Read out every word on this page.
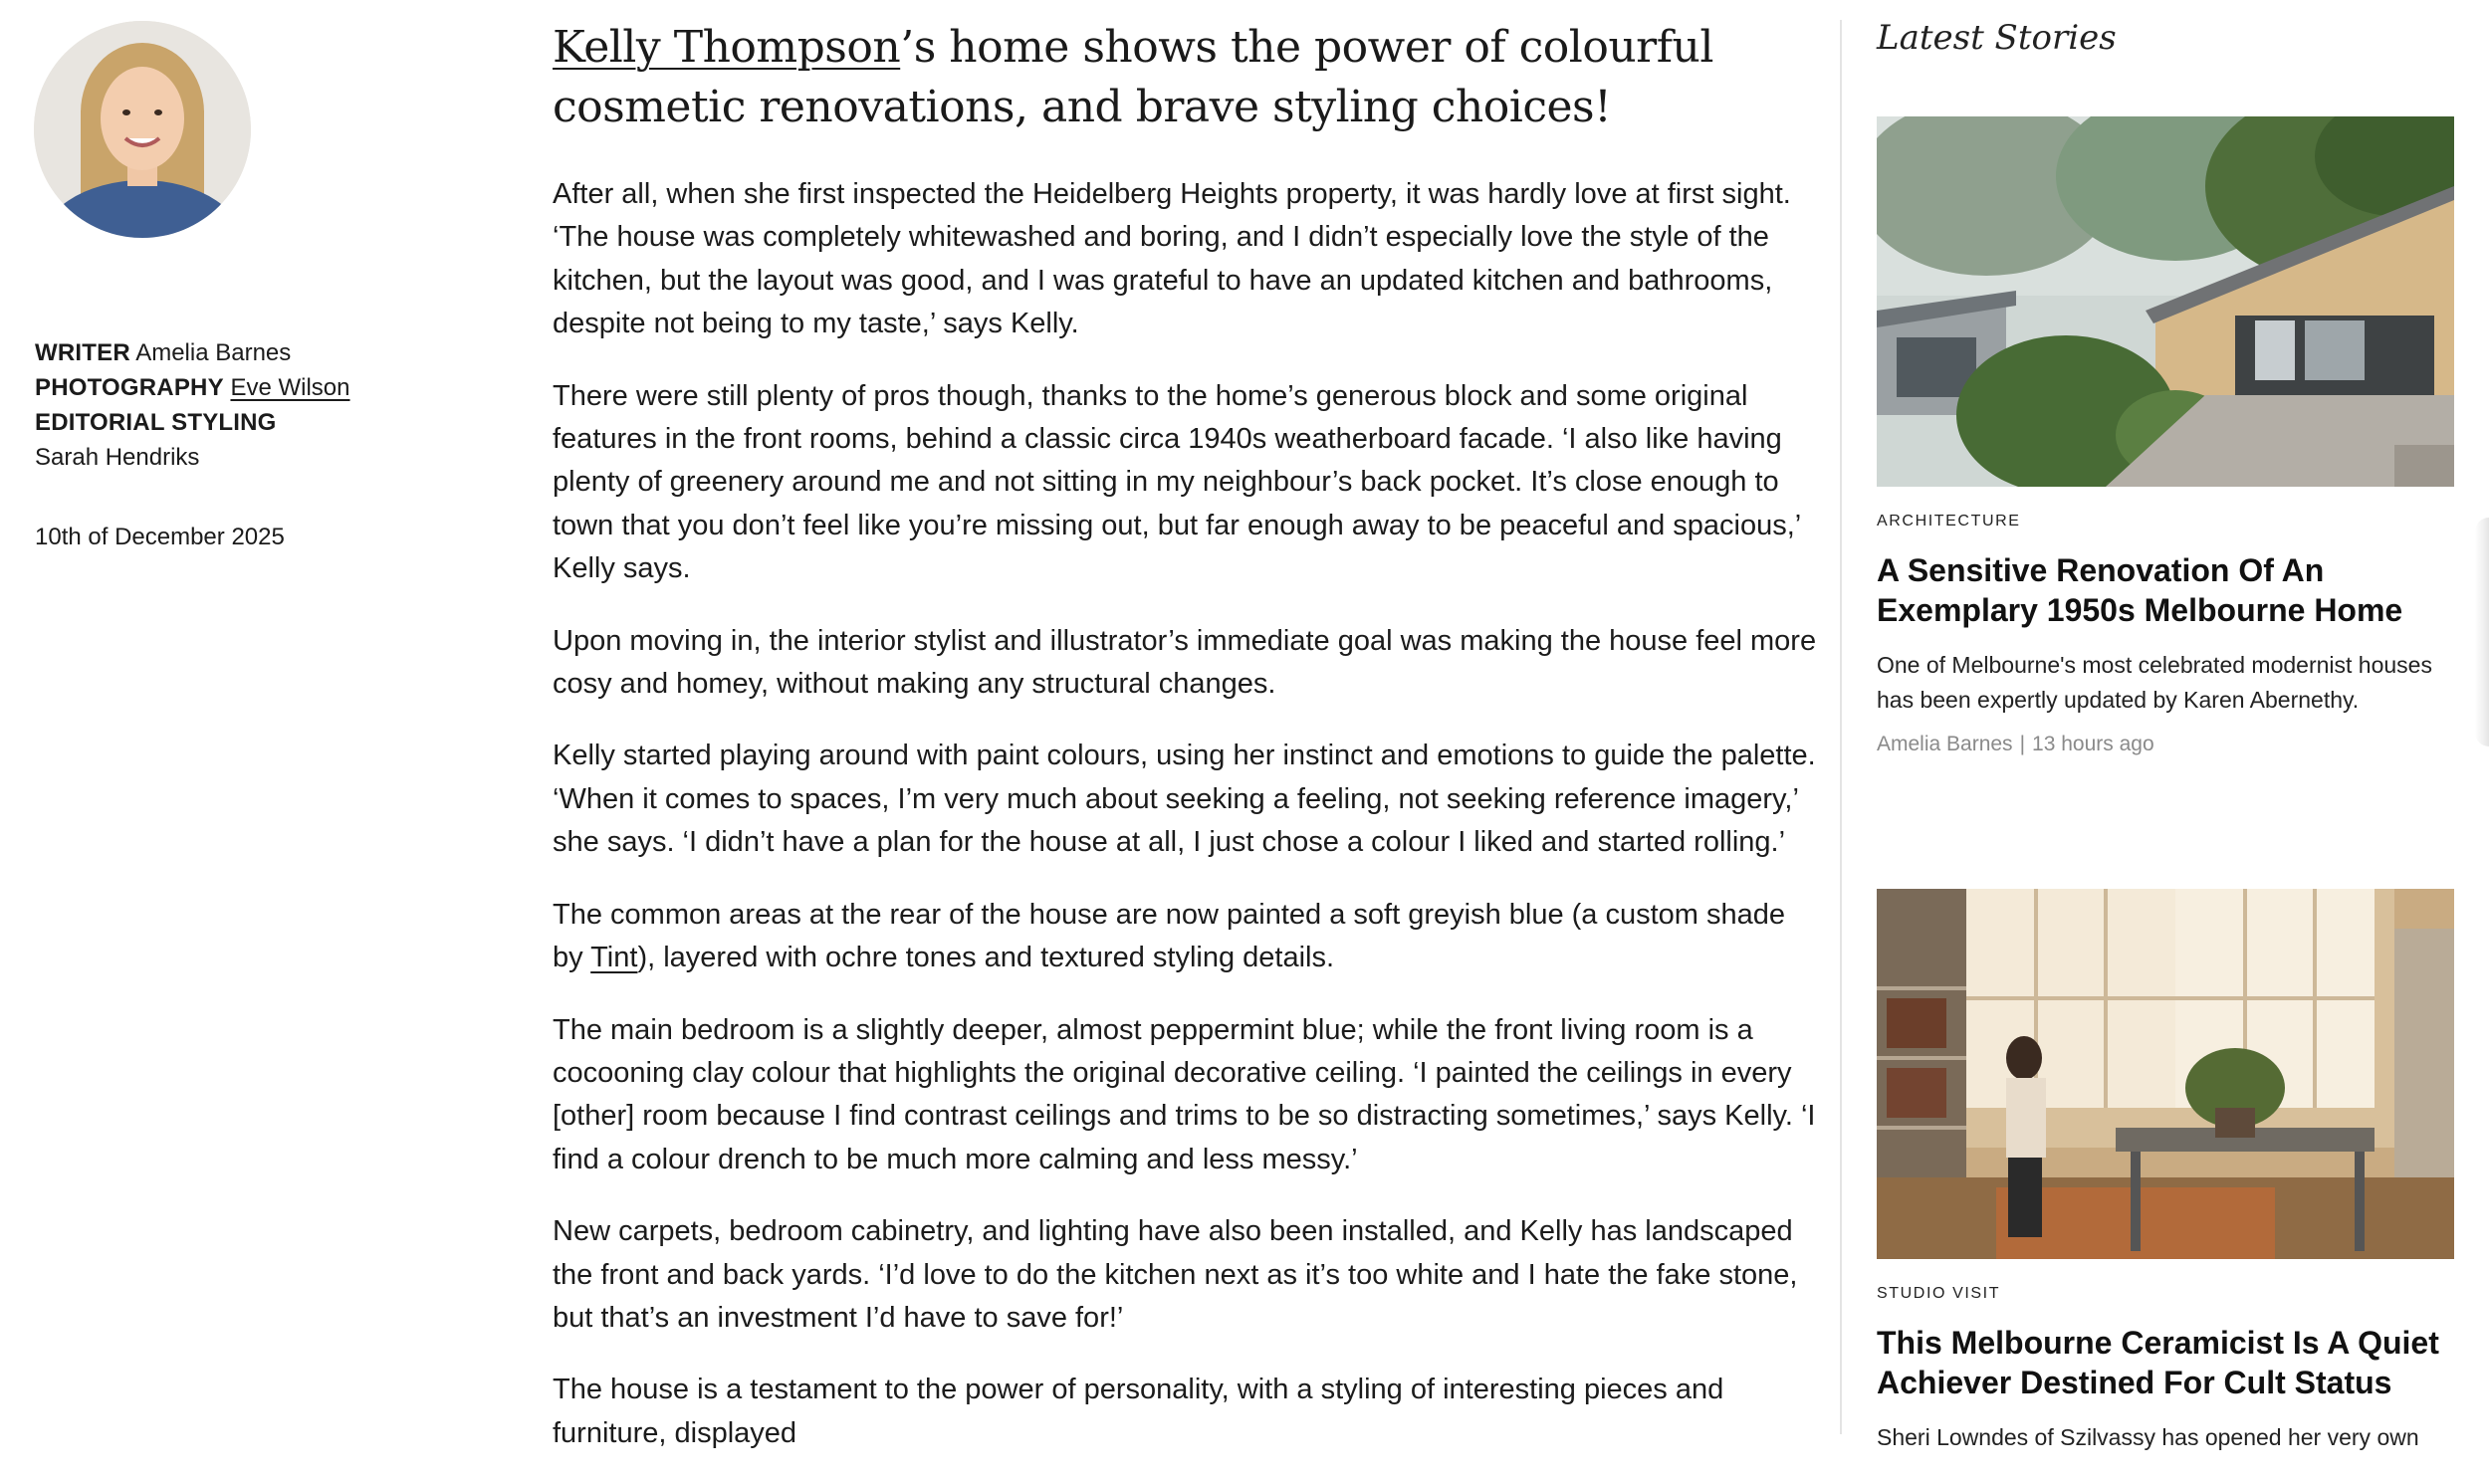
WRITER Amelia Barnes
PHOTOGRAPHY Eve Wilson
EDITORIAL STYLING
Sarah Hendriks
10th of December 2025
Kelly Thompson’s home shows the power of colourful cosmetic renovations, and brave styling choices!

After all, when she first inspected the Heidelberg Heights property, it was hardly love at first sight. ‘The house was completely whitewashed and boring, and I didn’t especially love the style of the kitchen, but the layout was good, and I was grateful to have an updated kitchen and bathrooms, despite not being to my taste,’ says Kelly.

There were still plenty of pros though, thanks to the home’s generous block and some original features in the front rooms, behind a classic circa 1940s weatherboard facade. ‘I also like having plenty of greenery around me and not sitting in my neighbour’s back pocket. It’s close enough to town that you don’t feel like you’re missing out, but far enough away to be peaceful and spacious,’ Kelly says.

Upon moving in, the interior stylist and illustrator’s immediate goal was making the house feel more cosy and homey, without making any structural changes.

Kelly started playing around with paint colours, using her instinct and emotions to guide the palette. ‘When it comes to spaces, I’m very much about seeking a feeling, not seeking reference imagery,’ she says. ‘I didn’t have a plan for the house at all, I just chose a colour I liked and started rolling.’

The common areas at the rear of the house are now painted a soft greyish blue (a custom shade by Tint), layered with ochre tones and textured styling details.

The main bedroom is a slightly deeper, almost peppermint blue; while the front living room is a cocooning clay colour that highlights the original decorative ceiling. ‘I painted the ceilings in every [other] room because I find contrast ceilings and trims to be so distracting sometimes,’ says Kelly. ‘I find a colour drench to be much more calming and less messy.’

New carpets, bedroom cabinetry, and lighting have also been installed, and Kelly has landscaped the front and back yards. ‘I’d love to do the kitchen next as it’s too white and I hate the fake stone, but that’s an investment I’d have to save for!’

The house is a testament to the power of personality, with a styling of interesting pieces and furniture, displayed

Latest Stories
ARCHITECTURE
A Sensitive Renovation Of An Exemplary 1950s Melbourne Home
One of Melbourne's most celebrated modernist houses has been expertly updated by Karen Abernethy.
Amelia Barnes | 13 hours ago
STUDIO VISIT
This Melbourne Ceramicist Is A Quiet Achiever Destined For Cult Status
Sheri Lowndes of Szilvassy has opened her very own
